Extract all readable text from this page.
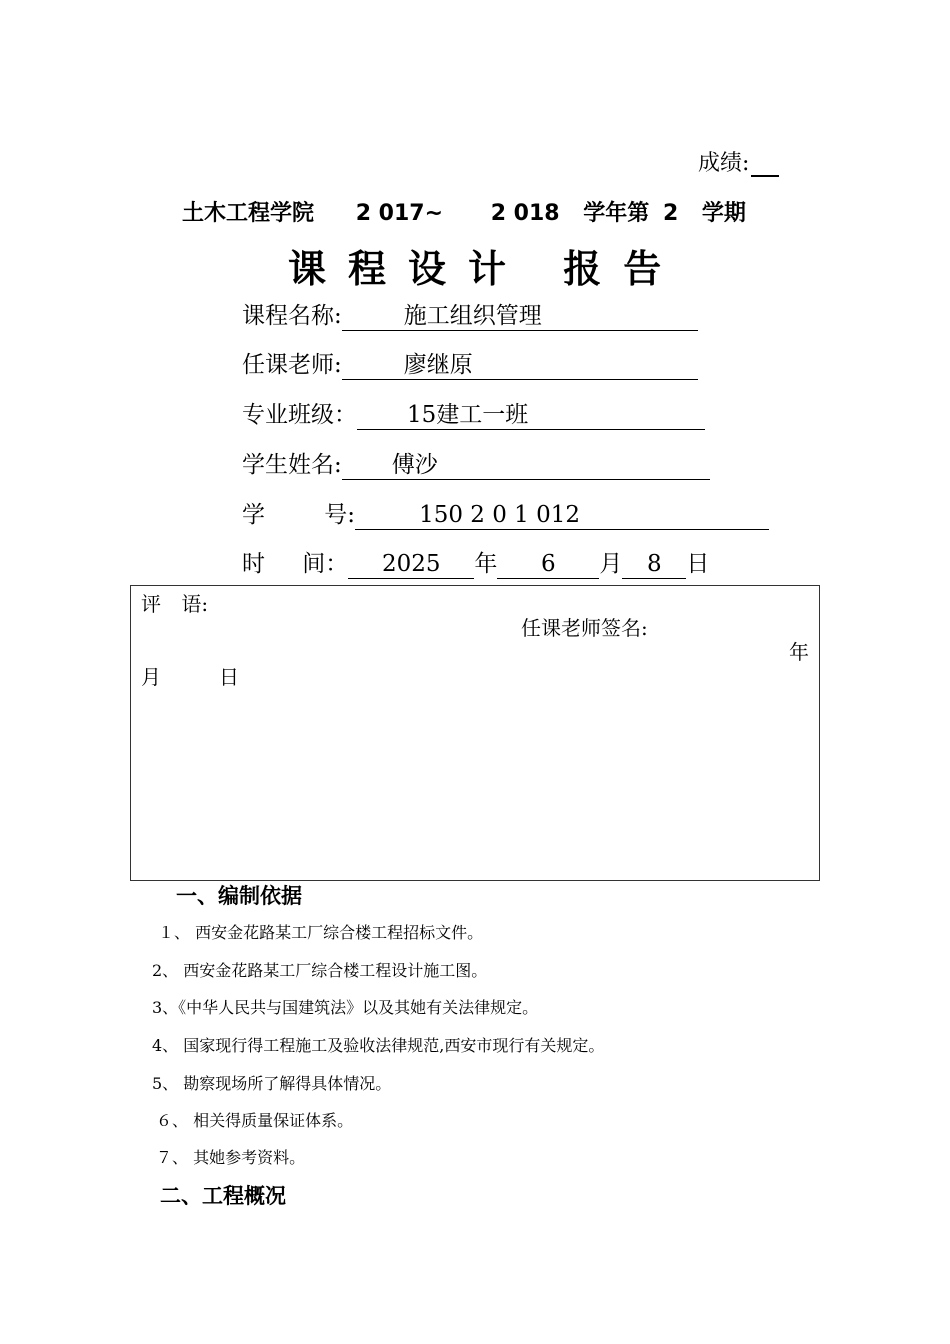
成绩:
土木工程学院 2 017~ 2 018 学年第 2 学期
课程设计 报告
课程名称:	施工组织管理
任课老师:	廖继原
专业班级： 15建工一班
学生姓名: 傅沙
学 号:	150 2 0 1 012
时 间： 2025 年 6 月 8 日
评 语:
任课老师签名:
年
月	日
一、编制依据
１、 西安金花路某工厂综合楼工程招标文件。
2、 西安金花路某工厂综合楼工程设计施工图。
3、《中华人民共与国建筑法》以及其她有关法律规定。
4、 国家现行得工程施工及验收法律规范,西安市现行有关规定。
5、 勘察现场所了解得具体情况。
６、 相关得质量保证体系。
７、 其她参考资料。
二、工程概况
